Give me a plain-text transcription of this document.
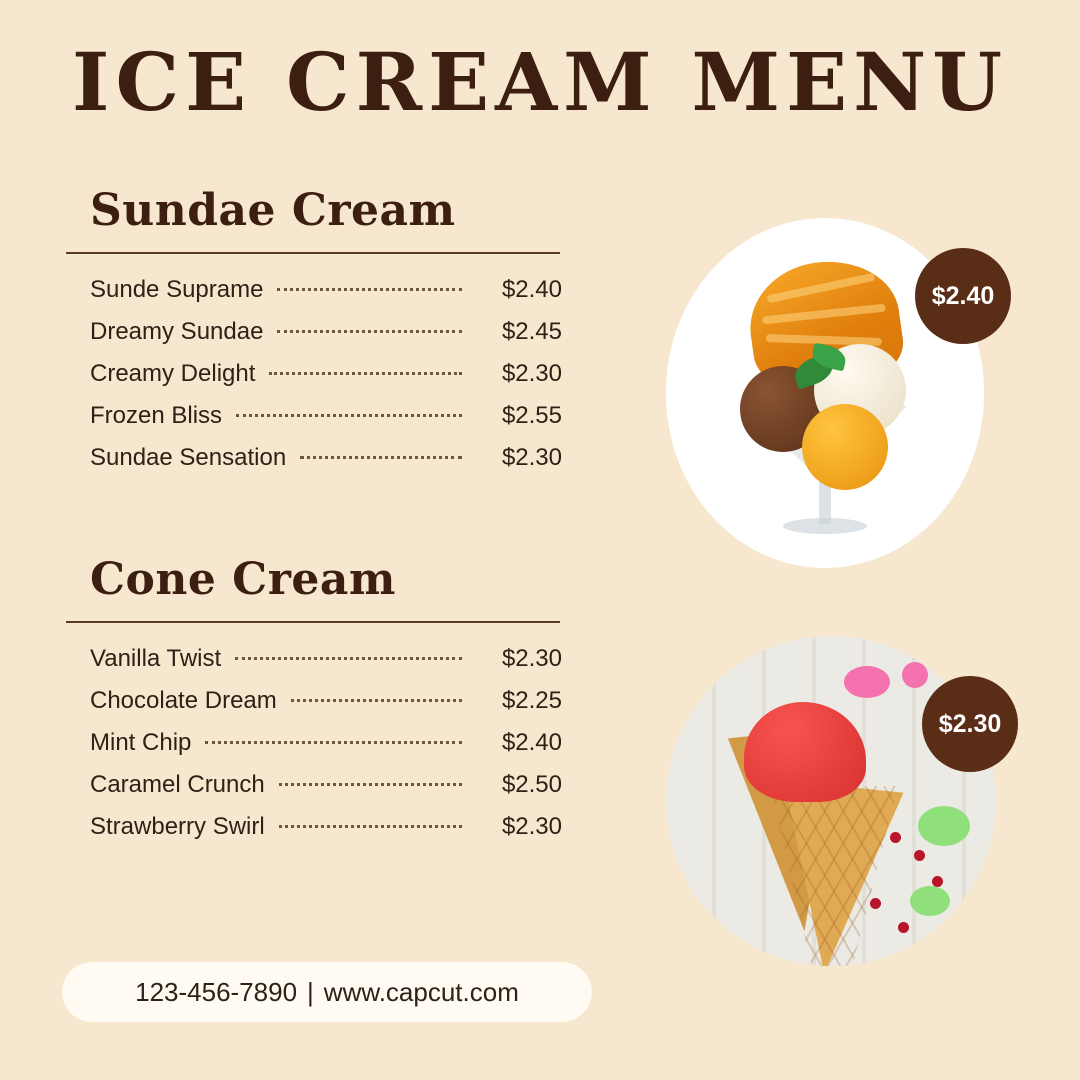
ICE CREAM MENU
Sundae Cream
Sunde Suprame	$2.40
Dreamy Sundae	$2.45
Creamy Delight	$2.30
Frozen Bliss	$2.55
Sundae Sensation	$2.30
Cone Cream
Vanilla Twist	$2.30
Chocolate Dream	$2.25
Mint Chip	$2.40
Caramel Crunch	$2.50
Strawberry Swirl	$2.30
$2.40
$2.30
123-456-7890 | www.capcut.com
